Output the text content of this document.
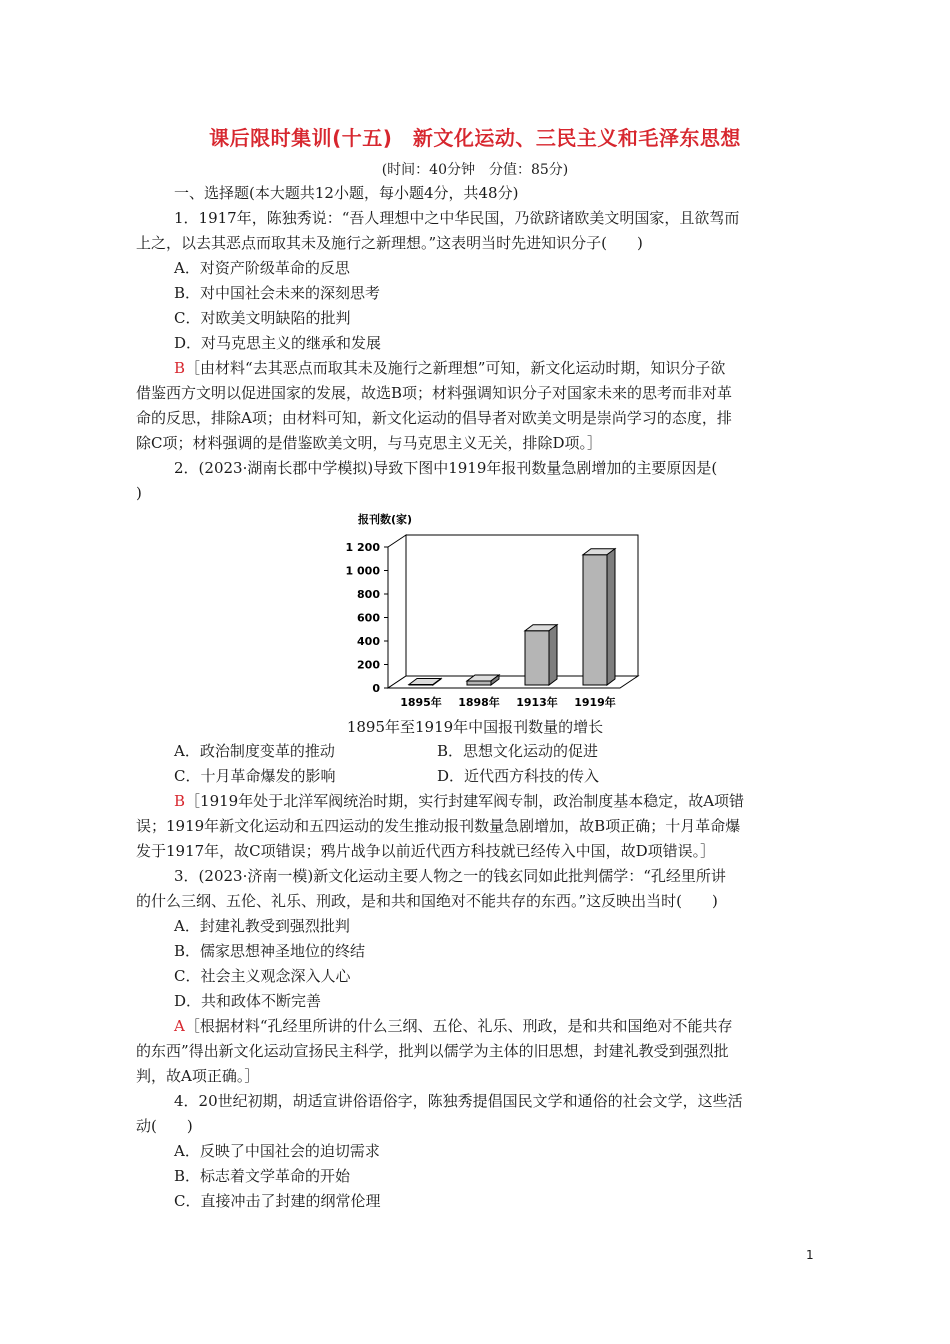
课后限时集训(十五)　新文化运动、三民主义和毛泽东思想
(时间：40分钟　分值：85分)
一、选择题(本大题共12小题，每小题4分，共48分)
1．1917年，陈独秀说：“吾人理想中之中华民国，乃欲跻诸欧美文明国家，且欲驾而
上之，以去其恶点而取其未及施行之新理想。”这表明当时先进知识分子(　　)
A．对资产阶级革命的反思
B．对中国社会未来的深刻思考
C．对欧美文明缺陷的批判
D．对马克思主义的继承和发展
B［由材料“去其恶点而取其未及施行之新理想”可知，新文化运动时期，知识分子欲
借鉴西方文明以促进国家的发展，故选B项；材料强调知识分子对国家未来的思考而非对革
命的反思，排除A项；由材料可知，新文化运动的倡导者对欧美文明是崇尚学习的态度，排
除C项；材料强调的是借鉴欧美文明，与马克思主义无关，排除D项。］
2．(2023·湖南长郡中学模拟)导致下图中1919年报刊数量急剧增加的主要原因是(
)
0
200
400
600
800
1 000
1 200
报刊数(家)
1895年 1898年 1913年 1919年
1895年至1919年中国报刊数量的增长
A．政治制度变革的推动	B．思想文化运动的促进
C．十月革命爆发的影响	D．近代西方科技的传入
B［1919年处于北洋军阀统治时期，实行封建军阀专制，政治制度基本稳定，故A项错
误；1919年新文化运动和五四运动的发生推动报刊数量急剧增加，故B项正确；十月革命爆
发于1917年，故C项错误；鸦片战争以前近代西方科技就已经传入中国，故D项错误。］
3．(2023·济南一模)新文化运动主要人物之一的钱玄同如此批判儒学：“孔经里所讲
的什么三纲、五伦、礼乐、刑政，是和共和国绝对不能共存的东西。”这反映出当时(　　)
A．封建礼教受到强烈批判
B．儒家思想神圣地位的终结
C．社会主义观念深入人心
D．共和政体不断完善
A［根据材料“孔经里所讲的什么三纲、五伦、礼乐、刑政，是和共和国绝对不能共存
的东西”得出新文化运动宣扬民主科学，批判以儒学为主体的旧思想，封建礼教受到强烈批
判，故A项正确。］
4．20世纪初期，胡适宣讲俗语俗字，陈独秀提倡国民文学和通俗的社会文学，这些活
动(　　)
A．反映了中国社会的迫切需求
B．标志着文学革命的开始
C．直接冲击了封建的纲常伦理
1
